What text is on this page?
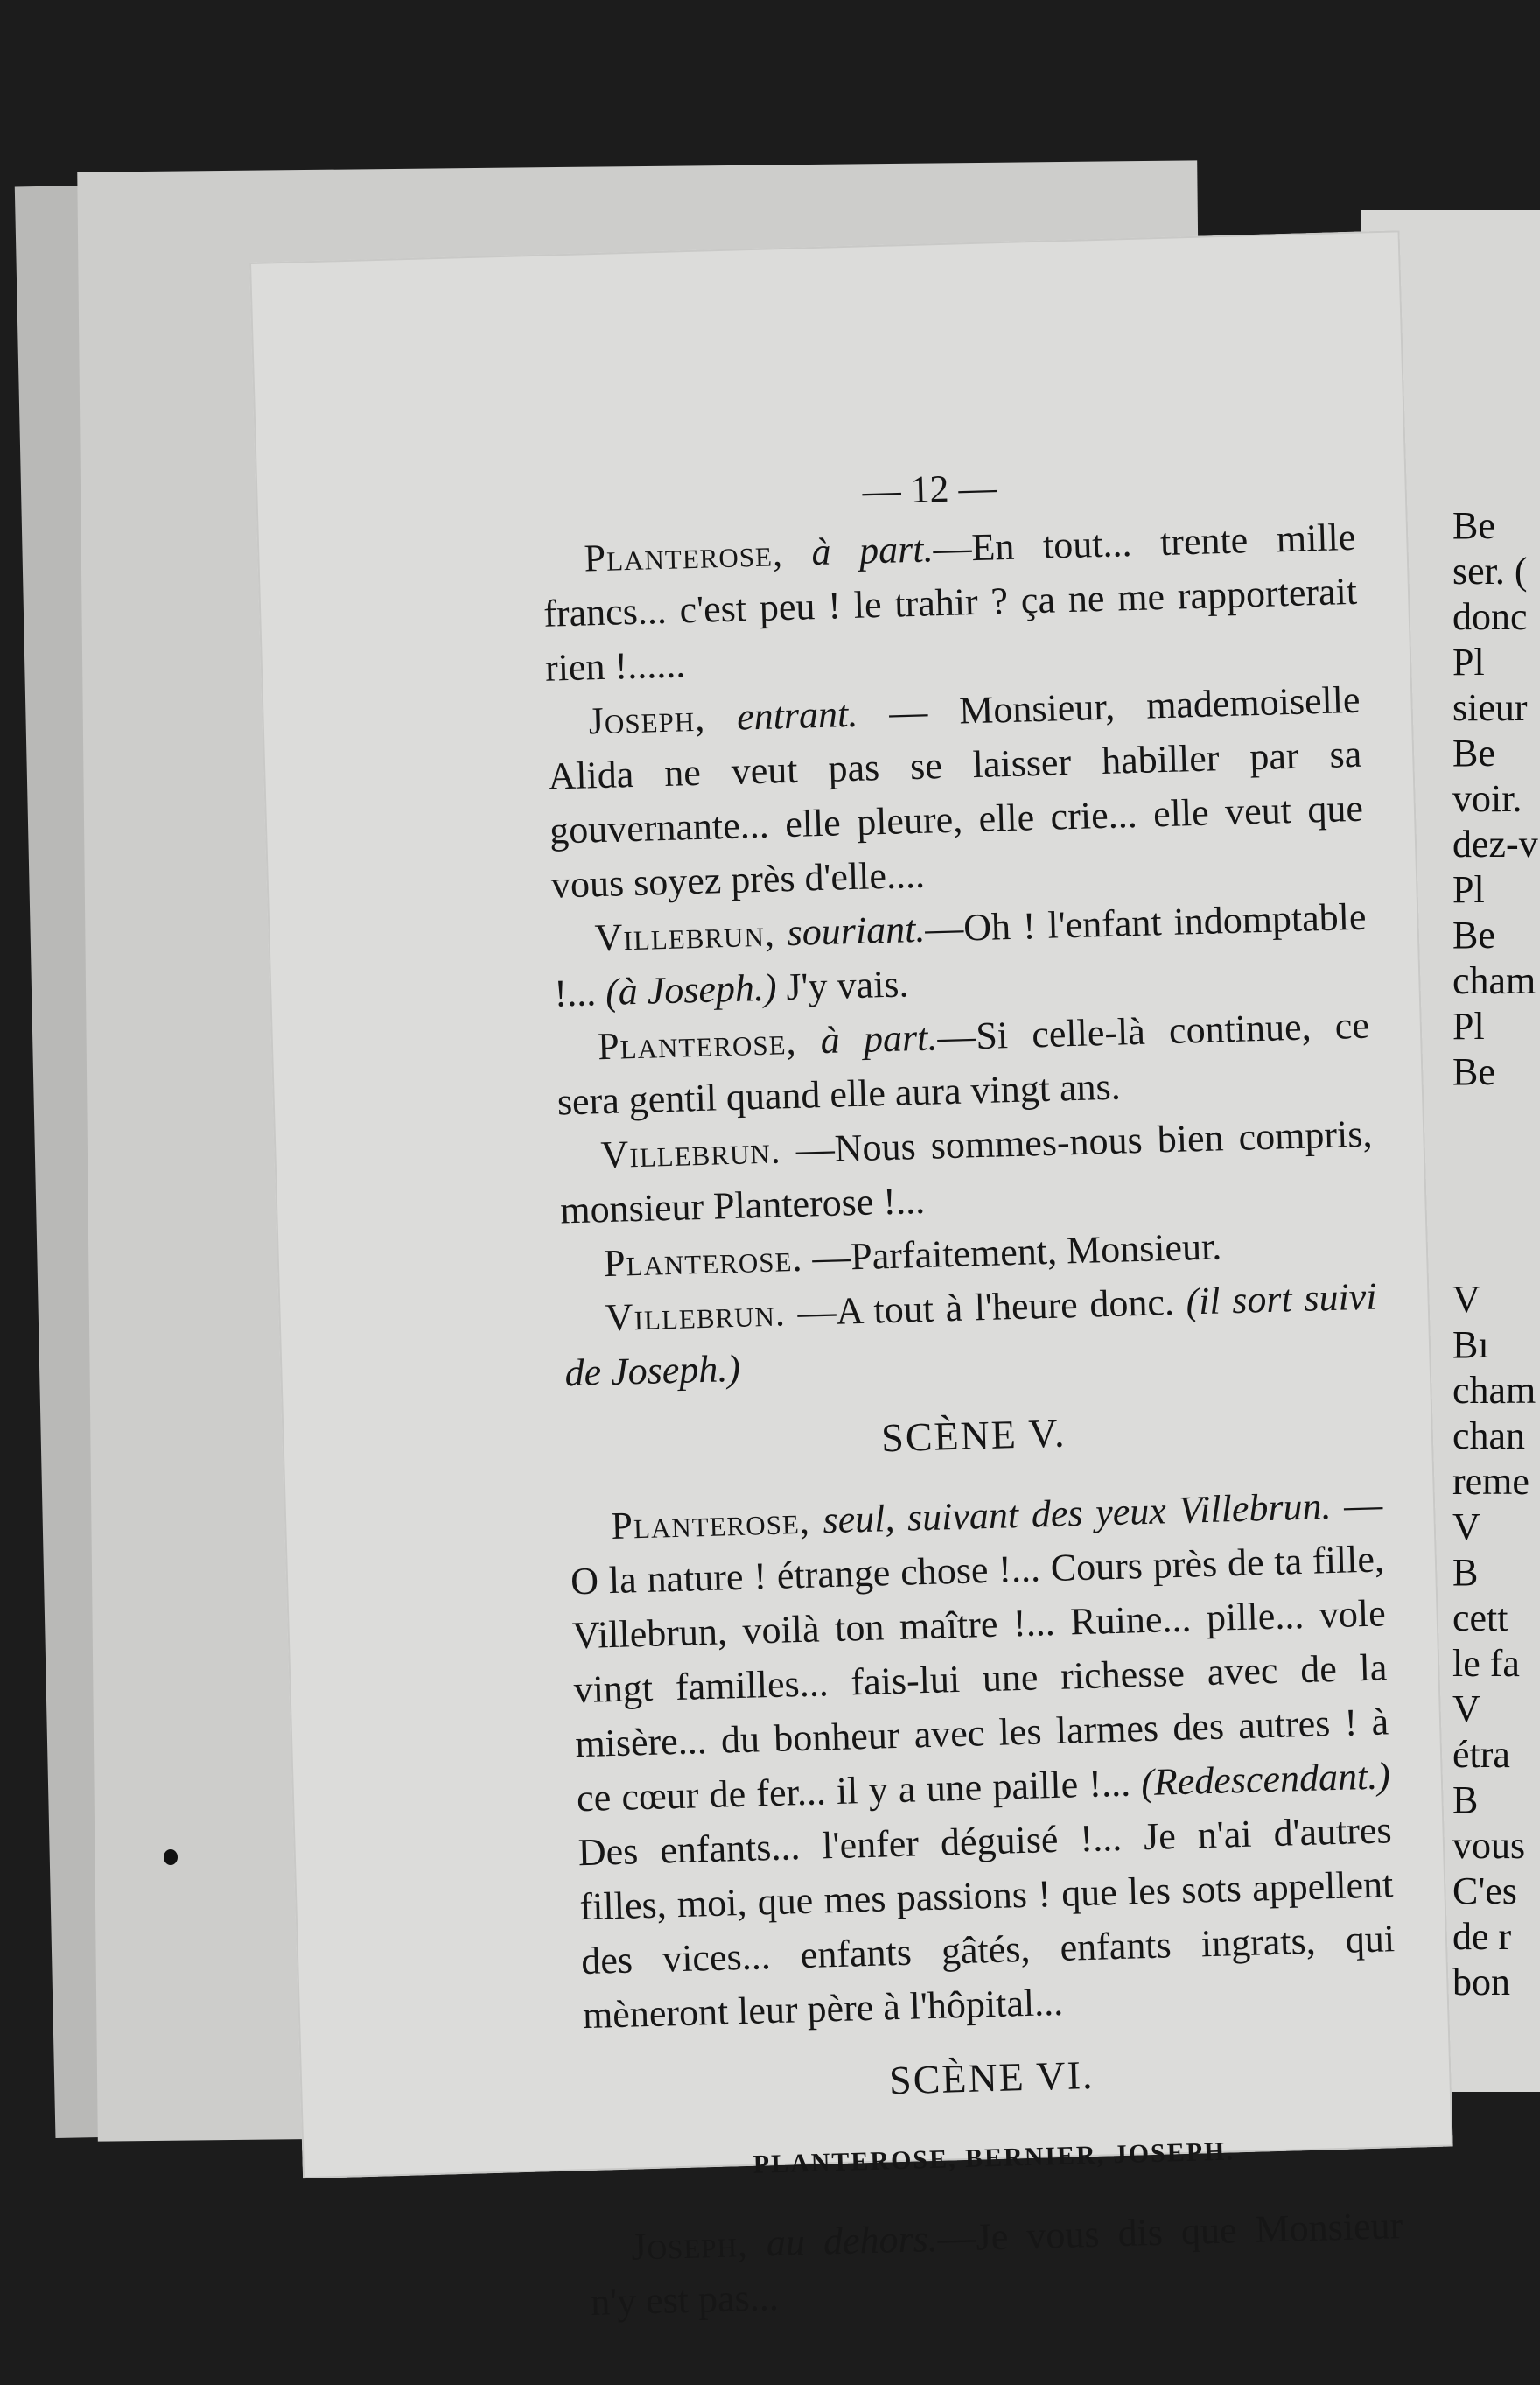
Be
ser. (
donc
Pl
sieur
Be
voir.
dez-v
Pl
Be
cham
Pl
Be

V
Bı
cham
chan
reme
V
B
cett
le fa
V
étra
B
vous
C'es
de r
bon
— 12 —

Planterose, à part.—En tout... trente mille francs... c'est peu ! le trahir ? ça ne me rapporterait rien !......

Joseph, entrant. — Monsieur, mademoiselle Alida ne veut pas se laisser habiller par sa gouvernante... elle pleure, elle crie... elle veut que vous soyez près d'elle....

Villebrun, souriant.—Oh ! l'enfant indomptable !... (à Joseph.) J'y vais.

Planterose, à part.—Si celle-là continue, ce sera gentil quand elle aura vingt ans.

Villebrun. —Nous sommes-nous bien compris, monsieur Planterose !...

Planterose. —Parfaitement, Monsieur.

Villebrun. —A tout à l'heure donc. (il sort suivi de Joseph.)

SCÈNE V.

Planterose, seul, suivant des yeux Villebrun. —O la nature ! étrange chose !... Cours près de ta fille, Villebrun, voilà ton maître !... Ruine... pille... vole vingt familles... fais-lui une richesse avec de la misère... du bonheur avec les larmes des autres ! à ce cœur de fer... il y a une paille !... (Redescendant.) Des enfants... l'enfer déguisé !... Je n'ai d'autres filles, moi, que mes passions ! que les sots appellent des vices... enfants gâtés, enfants ingrats, qui mèneront leur père à l'hôpital...

SCÈNE VI.
PLANTEROSE, BERNIER, JOSEPH.

Joseph, au dehors.—Je vous dis que Monsieur n'y est pas...
